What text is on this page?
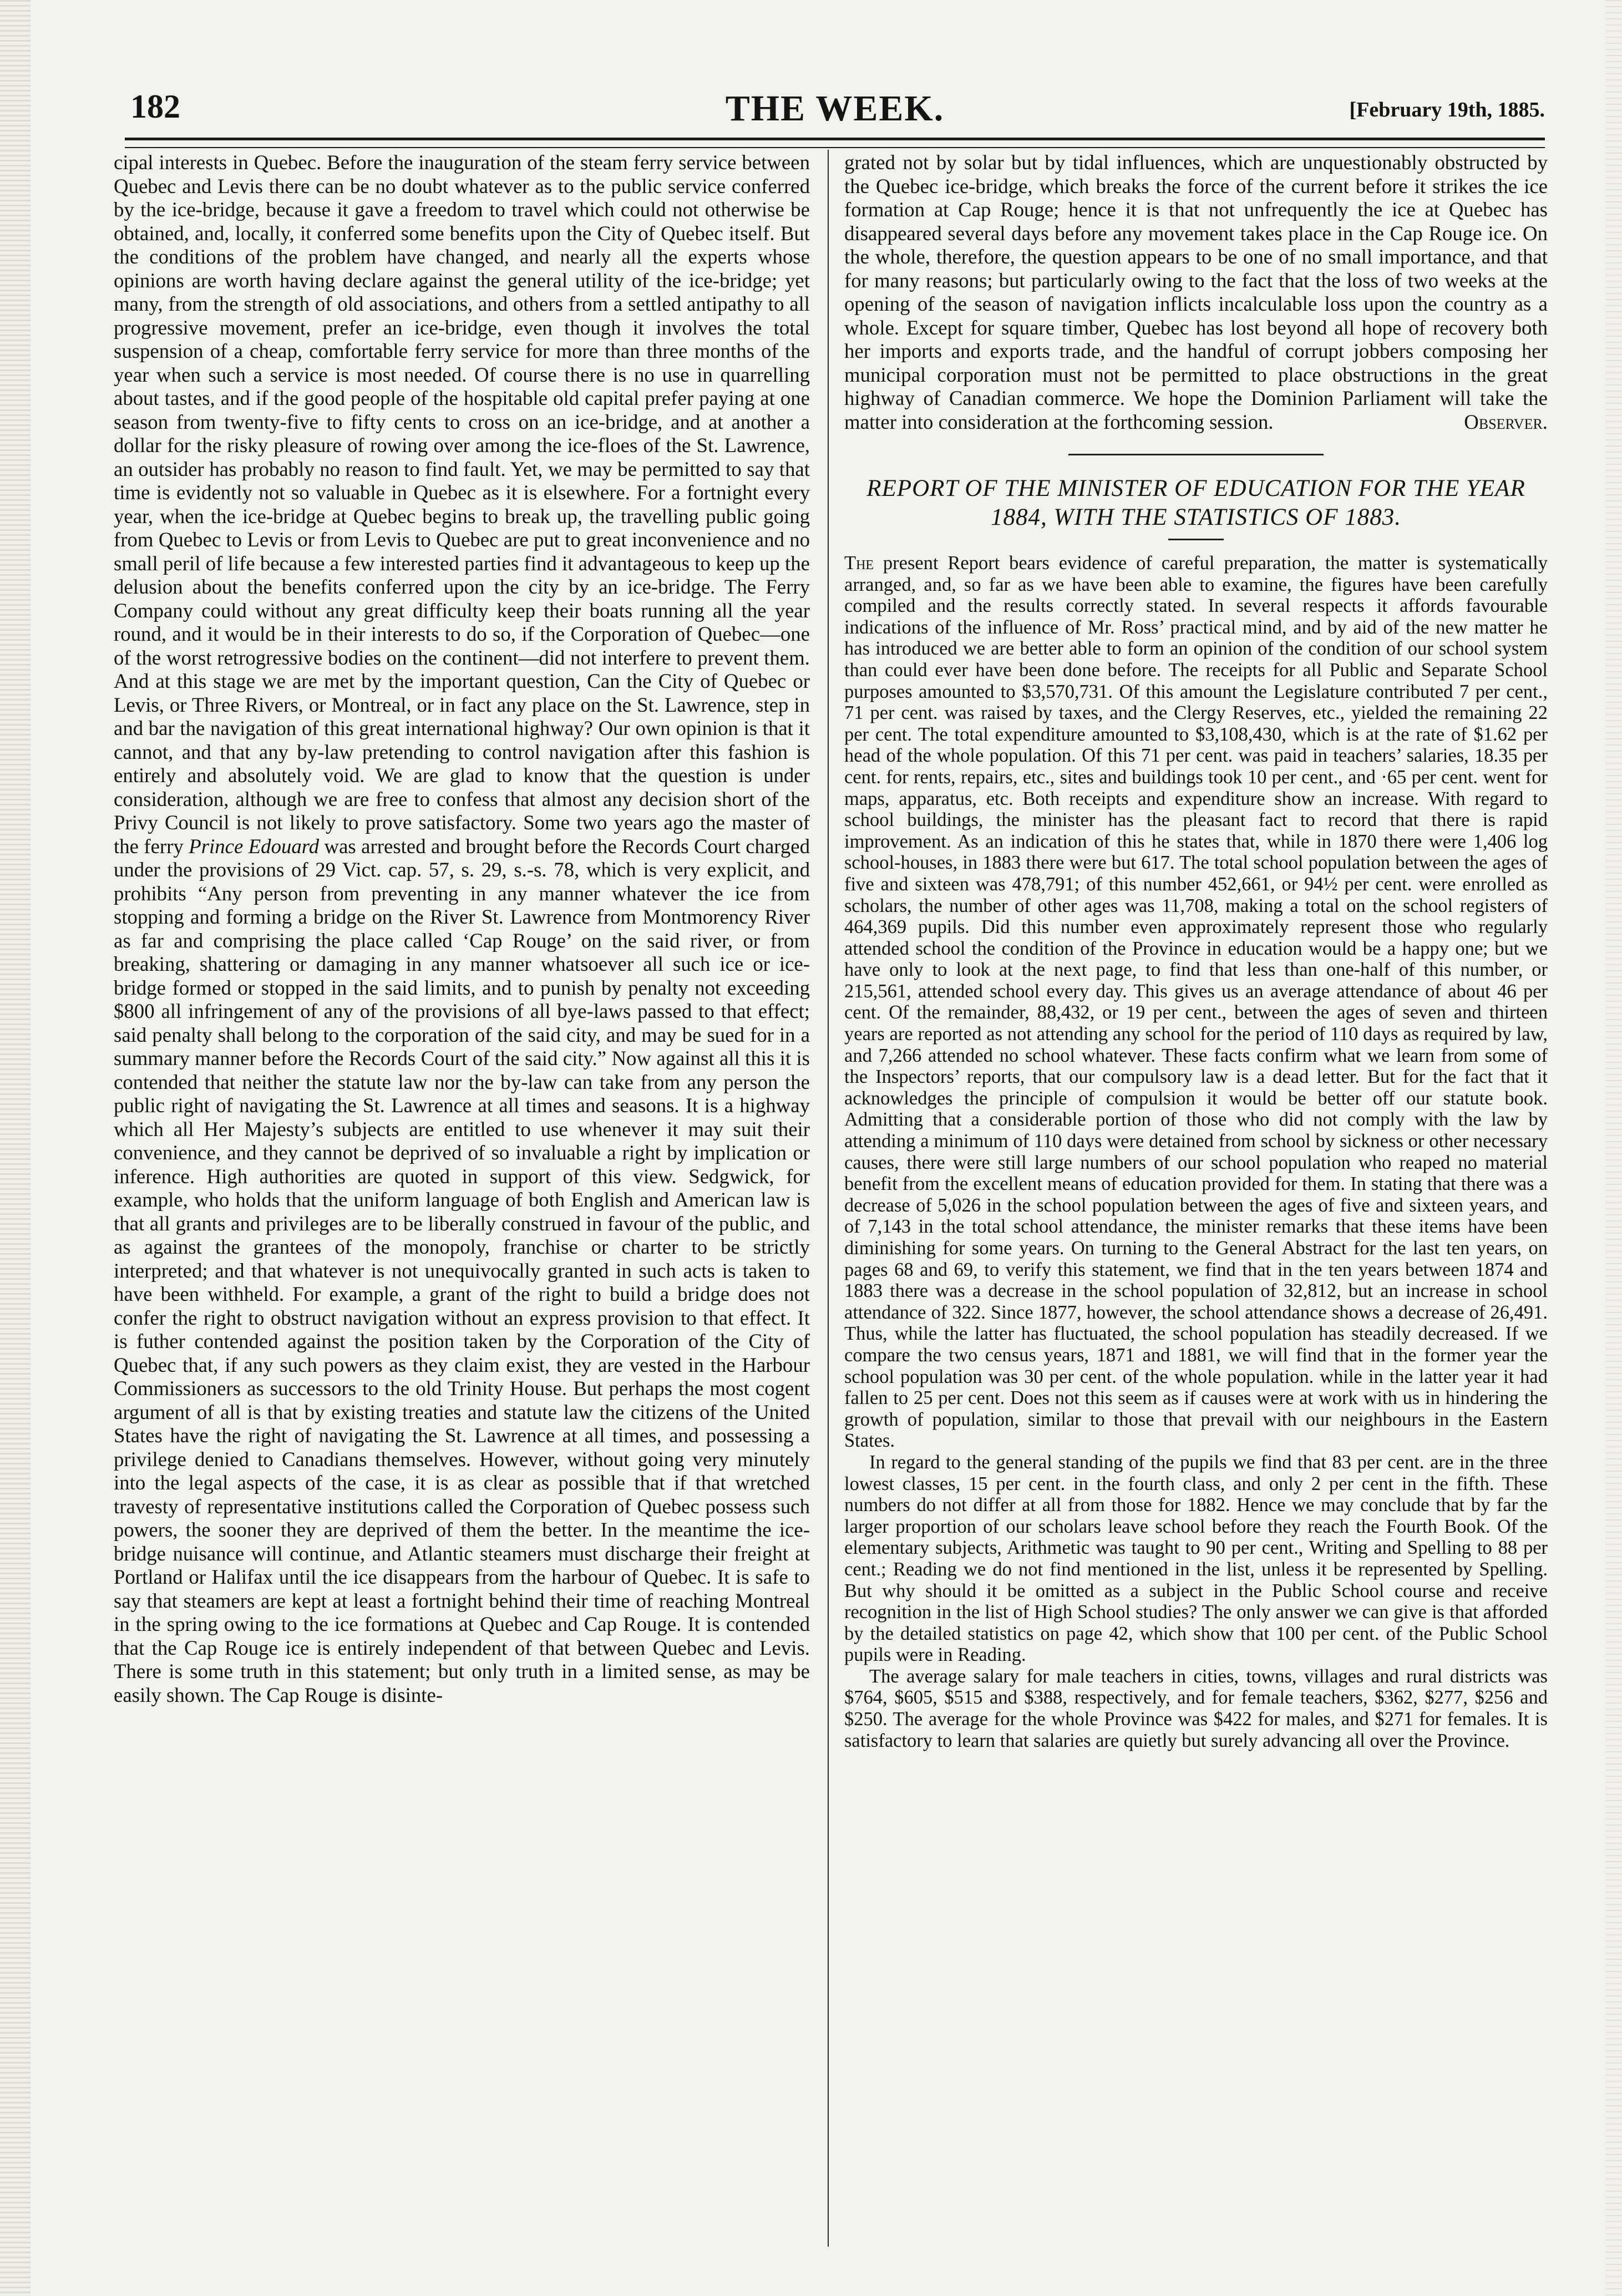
182	THE WEEK.	[February 19th, 1885.

cipal interests in Quebec. Before the inauguration of the steam ferry service between Quebec and Levis there can be no doubt whatever as to the public service conferred by the ice-bridge, because it gave a freedom to travel which could not otherwise be obtained, and, locally, it conferred some benefits upon the City of Quebec itself. But the conditions of the problem have changed, and nearly all the experts whose opinions are worth having declare against the general utility of the ice-bridge; yet many, from the strength of old associations, and others from a settled antipathy to all progressive movement, prefer an ice-bridge, even though it involves the total suspension of a cheap, comfortable ferry service for more than three months of the year when such a service is most needed. Of course there is no use in quarrelling about tastes, and if the good people of the hospitable old capital prefer paying at one season from twenty-five to fifty cents to cross on an ice-bridge, and at another a dollar for the risky pleasure of rowing over among the ice-floes of the St. Lawrence, an outsider has probably no reason to find fault. Yet, we may be permitted to say that time is evidently not so valuable in Quebec as it is elsewhere. For a fortnight every year, when the ice-bridge at Quebec begins to break up, the travelling public going from Quebec to Levis or from Levis to Quebec are put to great inconvenience and no small peril of life because a few interested parties find it advantageous to keep up the delusion about the benefits conferred upon the city by an ice-bridge. The Ferry Company could without any great difficulty keep their boats running all the year round, and it would be in their interests to do so, if the Corporation of Quebec—one of the worst retrogressive bodies on the continent—did not interfere to prevent them. And at this stage we are met by the important question, Can the City of Quebec or Levis, or Three Rivers, or Montreal, or in fact any place on the St. Lawrence, step in and bar the navigation of this great international highway? Our own opinion is that it cannot, and that any by-law pretending to control navigation after this fashion is entirely and absolutely void. We are glad to know that the question is under consideration, although we are free to confess that almost any decision short of the Privy Council is not likely to prove satisfactory. Some two years ago the master of the ferry Prince Edouard was arrested and brought before the Records Court charged under the provisions of 29 Vict. cap. 57, s. 29, s.-s. 78, which is very explicit, and prohibits “Any person from preventing in any manner whatever the ice from stopping and forming a bridge on the River St. Lawrence from Montmorency River as far and comprising the place called ‘Cap Rouge’ on the said river, or from breaking, shattering or damaging in any manner whatsoever all such ice or ice-bridge formed or stopped in the said limits, and to punish by penalty not exceeding $800 all infringement of any of the provisions of all bye-laws passed to that effect; said penalty shall belong to the corporation of the said city, and may be sued for in a summary manner before the Records Court of the said city.” Now against all this it is contended that neither the statute law nor the by-law can take from any person the public right of navigating the St. Lawrence at all times and seasons. It is a highway which all Her Majesty’s subjects are entitled to use whenever it may suit their convenience, and they cannot be deprived of so invaluable a right by implication or inference. High authorities are quoted in support of this view. Sedgwick, for example, who holds that the uniform language of both English and American law is that all grants and privileges are to be liberally construed in favour of the public, and as against the grantees of the monopoly, franchise or charter to be strictly interpreted; and that whatever is not unequivocally granted in such acts is taken to have been withheld. For example, a grant of the right to build a bridge does not confer the right to obstruct navigation without an express provision to that effect. It is futher contended against the position taken by the Corporation of the City of Quebec that, if any such powers as they claim exist, they are vested in the Harbour Commissioners as successors to the old Trinity House. But perhaps the most cogent argument of all is that by existing treaties and statute law the citizens of the United States have the right of navigating the St. Lawrence at all times, and possessing a privilege denied to Canadians themselves. However, without going very minutely into the legal aspects of the case, it is as clear as possible that if that wretched travesty of representative institutions called the Corporation of Quebec possess such powers, the sooner they are deprived of them the better. In the meantime the ice-bridge nuisance will continue, and Atlantic steamers must discharge their freight at Portland or Halifax until the ice disappears from the harbour of Quebec. It is safe to say that steamers are kept at least a fortnight behind their time of reaching Montreal in the spring owing to the ice formations at Quebec and Cap Rouge. It is contended that the Cap Rouge ice is entirely independent of that between Quebec and Levis. There is some truth in this statement; but only truth in a limited sense, as may be easily shown. The Cap Rouge is disinte-

grated not by solar but by tidal influences, which are unquestionably obstructed by the Quebec ice-bridge, which breaks the force of the current before it strikes the ice formation at Cap Rouge; hence it is that not unfrequently the ice at Quebec has disappeared several days before any movement takes place in the Cap Rouge ice. On the whole, therefore, the question appears to be one of no small importance, and that for many reasons; but particularly owing to the fact that the loss of two weeks at the opening of the season of navigation inflicts incalculable loss upon the country as a whole. Except for square timber, Quebec has lost beyond all hope of recovery both her imports and exports trade, and the handful of corrupt jobbers composing her municipal corporation must not be permitted to place obstructions in the great highway of Canadian commerce. We hope the Dominion Parliament will take the matter into consideration at the forthcoming session.	Observer.

REPORT OF THE MINISTER OF EDUCATION FOR THE YEAR 1884, WITH THE STATISTICS OF 1883.

The present Report bears evidence of careful preparation, the matter is systematically arranged, and, so far as we have been able to examine, the figures have been carefully compiled and the results correctly stated. In several respects it affords favourable indications of the influence of Mr. Ross’ practical mind, and by aid of the new matter he has introduced we are better able to form an opinion of the condition of our school system than could ever have been done before. The receipts for all Public and Separate School purposes amounted to $3,570,731. Of this amount the Legislature contributed 7 per cent., 71 per cent. was raised by taxes, and the Clergy Reserves, etc., yielded the remaining 22 per cent. The total expenditure amounted to $3,108,430, which is at the rate of $1.62 per head of the whole population. Of this 71 per cent. was paid in teachers’ salaries, 18.35 per cent. for rents, repairs, etc., sites and buildings took 10 per cent., and ·65 per cent. went for maps, apparatus, etc. Both receipts and expenditure show an increase. With regard to school buildings, the minister has the pleasant fact to record that there is rapid improvement. As an indication of this he states that, while in 1870 there were 1,406 log school-houses, in 1883 there were but 617. The total school population between the ages of five and sixteen was 478,791; of this number 452,661, or 94½ per cent. were enrolled as scholars, the number of other ages was 11,708, making a total on the school registers of 464,369 pupils. Did this number even approximately represent those who regularly attended school the condition of the Province in education would be a happy one; but we have only to look at the next page, to find that less than one-half of this number, or 215,561, attended school every day. This gives us an average attendance of about 46 per cent. Of the remainder, 88,432, or 19 per cent., between the ages of seven and thirteen years are reported as not attending any school for the period of 110 days as required by law, and 7,266 attended no school whatever. These facts confirm what we learn from some of the Inspectors’ reports, that our compulsory law is a dead letter. But for the fact that it acknowledges the principle of compulsion it would be better off our statute book. Admitting that a considerable portion of those who did not comply with the law by attending a minimum of 110 days were detained from school by sickness or other necessary causes, there were still large numbers of our school population who reaped no material benefit from the excellent means of education provided for them. In stating that there was a decrease of 5,026 in the school population between the ages of five and sixteen years, and of 7,143 in the total school attendance, the minister remarks that these items have been diminishing for some years. On turning to the General Abstract for the last ten years, on pages 68 and 69, to verify this statement, we find that in the ten years between 1874 and 1883 there was a decrease in the school population of 32,812, but an increase in school attendance of 322. Since 1877, however, the school attendance shows a decrease of 26,491. Thus, while the latter has fluctuated, the school population has steadily decreased. If we compare the two census years, 1871 and 1881, we will find that in the former year the school population was 30 per cent. of the whole population. while in the latter year it had fallen to 25 per cent. Does not this seem as if causes were at work with us in hindering the growth of population, similar to those that prevail with our neighbours in the Eastern States.

In regard to the general standing of the pupils we find that 83 per cent. are in the three lowest classes, 15 per cent. in the fourth class, and only 2 per cent in the fifth. These numbers do not differ at all from those for 1882. Hence we may conclude that by far the larger proportion of our scholars leave school before they reach the Fourth Book. Of the elementary subjects, Arithmetic was taught to 90 per cent., Writing and Spelling to 88 per cent.; Reading we do not find mentioned in the list, unless it be represented by Spelling. But why should it be omitted as a subject in the Public School course and receive recognition in the list of High School studies? The only answer we can give is that afforded by the detailed statistics on page 42, which show that 100 per cent. of the Public School pupils were in Reading.

The average salary for male teachers in cities, towns, villages and rural districts was $764, $605, $515 and $388, respectively, and for female teachers, $362, $277, $256 and $250. The average for the whole Province was $422 for males, and $271 for females. It is satisfactory to learn that salaries are quietly but surely advancing all over the Province.
